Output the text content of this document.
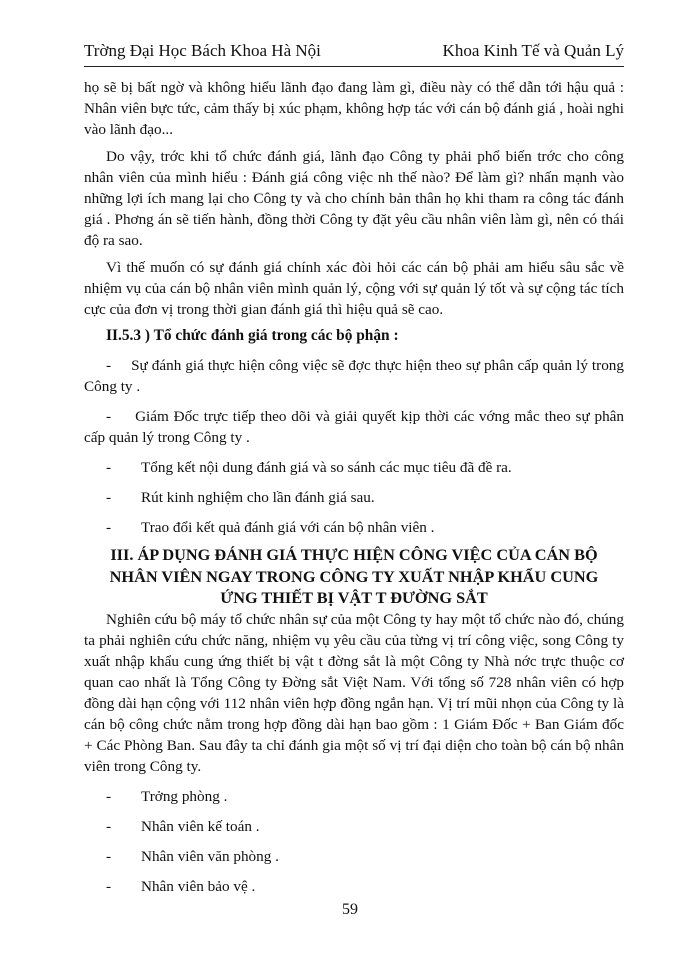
Trờng Đại Học Bách Khoa Hà Nội	Khoa Kinh Tế và Quản Lý

họ sẽ bị bất ngờ và không hiểu lãnh đạo đang làm gì, điều này có thể dẫn tới hậu quả : Nhân viên bực tức, cảm thấy bị xúc phạm, không hợp tác với cán bộ đánh giá , hoài nghi vào lãnh đạo...

Do vậy, trớc khi tổ chức đánh giá, lãnh đạo Công ty phải phổ biến trớc cho công nhân viên của mình hiểu : Đánh giá công việc nh thế nào? Để làm gì? nhấn mạnh vào những lợi ích mang lại cho Công ty và cho chính bản thân họ khi tham ra công tác đánh giá . Phơng án sẽ tiến hành, đồng thời Công ty đặt yêu cầu nhân viên làm gì, nên có thái độ ra sao.

Vì thế muốn có sự đánh giá chính xác đòi hỏi các cán bộ phải am hiểu sâu sắc về nhiệm vụ của cán bộ nhân viên mình quản lý, cộng với sự quản lý tốt và sự cộng tác tích cực của đơn vị trong thời gian đánh giá thì hiệu quả sẽ cao.

II.5.3 ) Tổ chức đánh giá trong các bộ phận :

- Sự đánh giá thực hiện công việc sẽ đợc thực hiện theo sự phân cấp quản lý trong Công ty .

- Giám Đốc trực tiếp theo dõi và giải quyết kịp thời các vớng mắc theo sự phân cấp quản lý trong Công ty .

-	Tổng kết nội dung đánh giá và so sánh các mục tiêu đã đề ra.
-	Rút kinh nghiệm cho lần đánh giá sau.
-	Trao đổi kết quả đánh giá với cán bộ nhân viên .
III. ÁP DỤNG ĐÁNH GIÁ THỰC HIỆN CÔNG VIỆC CỦA CÁN BỘ
NHÂN VIÊN NGAY TRONG CÔNG TY XUẤT NHẬP KHẨU CUNG
ỨNG THIẾT BỊ VẬT T ĐƯỜNG SẮT

Nghiên cứu bộ máy tổ chức nhân sự của một Công ty hay một tổ chức nào đó, chúng ta phải nghiên cứu chức năng, nhiệm vụ yêu cầu của từng vị trí công việc, song Công ty xuất nhập khẩu cung ứng thiết bị vật t đờng sắt là một Công ty Nhà nớc trực thuộc cơ quan cao nhất là Tổng Công ty Đờng sắt Việt Nam. Với tổng số 728 nhân viên có hợp đồng dài hạn cộng với 112 nhân viên hợp đồng ngắn hạn. Vị trí mũi nhọn của Công ty là cán bộ công chức nằm trong hợp đồng dài hạn bao gồm : 1 Giám Đốc + Ban Giám đốc + Các Phòng Ban. Sau đây ta chỉ đánh gia một số vị trí đại diện cho toàn bộ cán bộ nhân viên trong Công ty.

-	Trởng phòng .
-	Nhân viên kế toán .
-	Nhân viên văn phòng .
-	Nhân viên bảo vệ .
59
